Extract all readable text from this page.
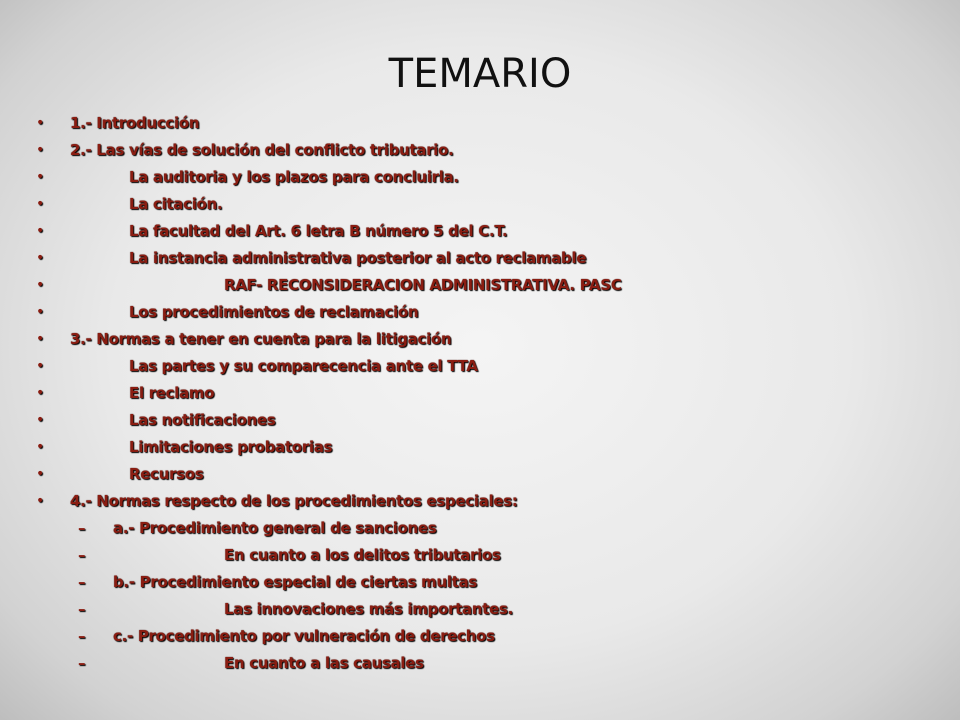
TEMARIO
• 1.- Introducción
• 2.- Las vías de solución del conflicto tributario.
•	La auditoria y los plazos para concluirla.
•	La citación.
•	La facultad del Art. 6 letra B número 5 del C.T.
•	La instancia administrativa posterior al acto reclamable
•	RAF- RECONSIDERACION ADMINISTRATIVA. PASC
•	Los procedimientos de reclamación
• 3.- Normas a tener en cuenta para la litigación
•	Las partes y su comparecencia ante el TTA
•	El reclamo
•	Las notificaciones
•	Limitaciones probatorias
•	Recursos
• 4.- Normas respecto de los procedimientos especiales:
– a.- Procedimiento general de sanciones
–	En cuanto a los delitos tributarios
– b.- Procedimiento especial de ciertas multas
–	Las innovaciones más importantes.
– c.- Procedimiento por vulneración de derechos
–	En cuanto a las causales
